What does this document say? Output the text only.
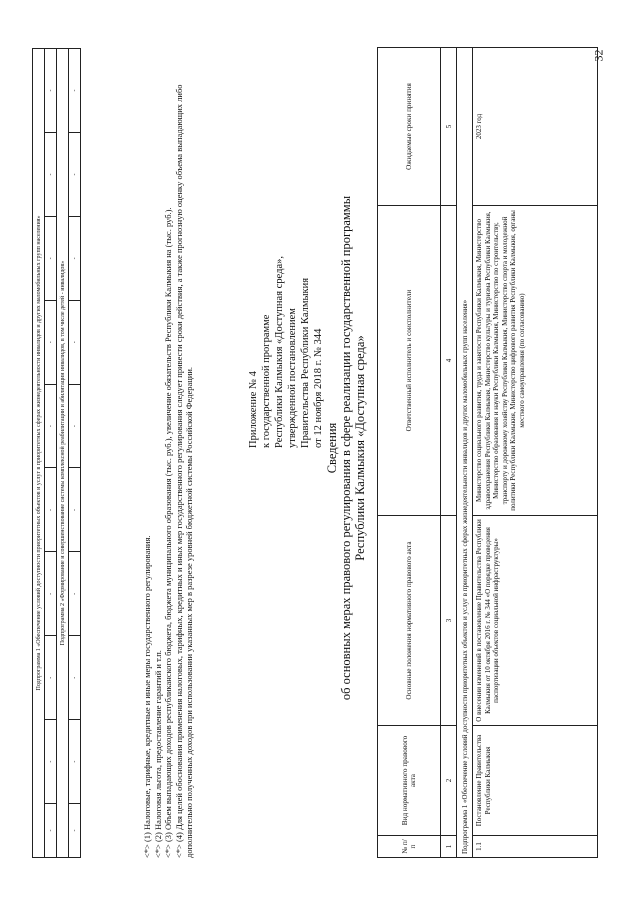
32
Подпрограмма 1 «Обеспечение условий доступности приоритетных объектов и услуг в приоритетных сферах жизнедеятельности инвалидов и других маломобильных групп населения»									
-	-	-	-	-	-	-	-	-	-
Подпрограмма 2 «Формирование и совершенствование системы комплексной реабилитации и абилитации инвалидов, в том числе детей - инвалидов»									
-	-	-	-	-	-	-	-	-	-
<*> (1) Налоговые, тарифные, кредитные и иные меры государственного регулирования. <*> (2) Налоговая льгота, предоставление гарантий и т.п. <*> (3) Объем выпадающих доходов республиканского бюджета, бюджета муниципального образования (тыс. руб.), увеличение обязательств Республики Калмыкия на (тыс. руб.). <*> (4) Для целей обоснования применения налоговых, тарифных, кредитных и иных мер государственного регулирования следует привести сроки действия, а также прогнозную оценку объема выпадающих либо дополнительно полученных доходов при использовании указанных мер в разрезе уровней бюджетной системы Российской Федерации.	Приложение № 4 к государственной программе Республики Калмыкия «Доступная среда», утвержденной постановлением Правительства Республики Калмыкия от 12 ноября 2018 г. № 344 Сведения об основных мерах правового регулирования в сфере реализации государственной программы Республики Калмыкия «Доступная среда»
№ п/п	Вид нормативного правового акта	Основные положения нормативного правового акта	Ответственный исполнитель и соисполнители	Ожидаемые сроки принятия
1	2	3	4	5
Подпрограмма 1 «Обеспечение условий доступности приоритетных объектов и услуг в приоритетных сферах жизнедеятельности инвалидов и других маломобильных групп населения»				
1.1	Постановление Правительства Республики Калмыкия	О внесении изменений в постановление Правительства Республики Калмыкия от 10 октября 2016 г. № 344 «О порядке проведения паспортизации объектов социальной инфраструктуры»	Министерство социального развития, труда и занятости Республики Калмыкия, Министерство здравоохранения Республики Калмыкия, Министерство культуры и туризма Республики Калмыкия, Министерство образования и науки Республики Калмыкия, Министерство по строительству, транспорту и дорожному хозяйству Республики Калмыкия, Министерство спорта и молодежной политики Республики Калмыкия, Министерство цифрового развития Республики Калмыкия, органы местного самоуправления (по согласованию)	2023 год
